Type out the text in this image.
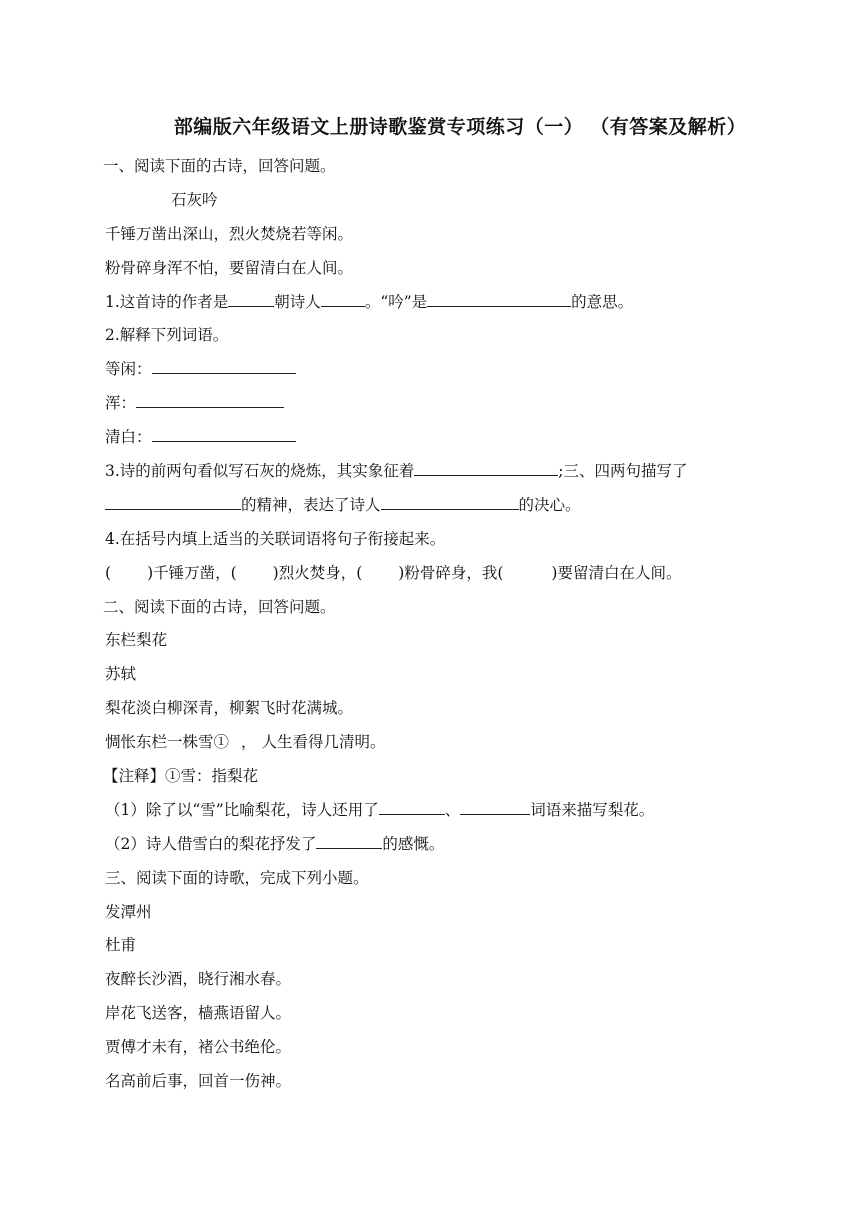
部编版六年级语文上册诗歌鉴赏专项练习（一） （有答案及解析）
一、阅读下面的古诗，回答问题。
石灰吟
千锤万凿出深山，烈火焚烧若等闲。
粉骨碎身浑不怕，要留清白在人间。
1.这首诗的作者是	朝诗人	。“吟”是	的意思。
2.解释下列词语。
等闲：
浑：
清白：
3.诗的前两句看似写石灰的烧炼，其实象征着	;三、四两句描写了
的精神，表达了诗人	的决心。
4.在括号内填上适当的关联词语将句子衔接起来。
( )千锤万凿，( )烈火焚身，( )粉骨碎身，我(	)要留清白在人间。
二、阅读下面的古诗，回答问题。
东栏梨花
苏轼
梨花淡白柳深青，柳絮飞时花满城。
惆怅东栏一株雪① ， 人生看得几清明。
【注释】①雪：指梨花
（1）除了以“雪”比喻梨花，诗人还用了	、	词语来描写梨花。
（2）诗人借雪白的梨花抒发了	的感慨。
三、阅读下面的诗歌，完成下列小题。
发潭州
杜甫
夜醉长沙酒，晓行湘水春。
岸花飞送客，樯燕语留人。
贾傅才未有，褚公书绝伦。
名高前后事，回首一伤神。
